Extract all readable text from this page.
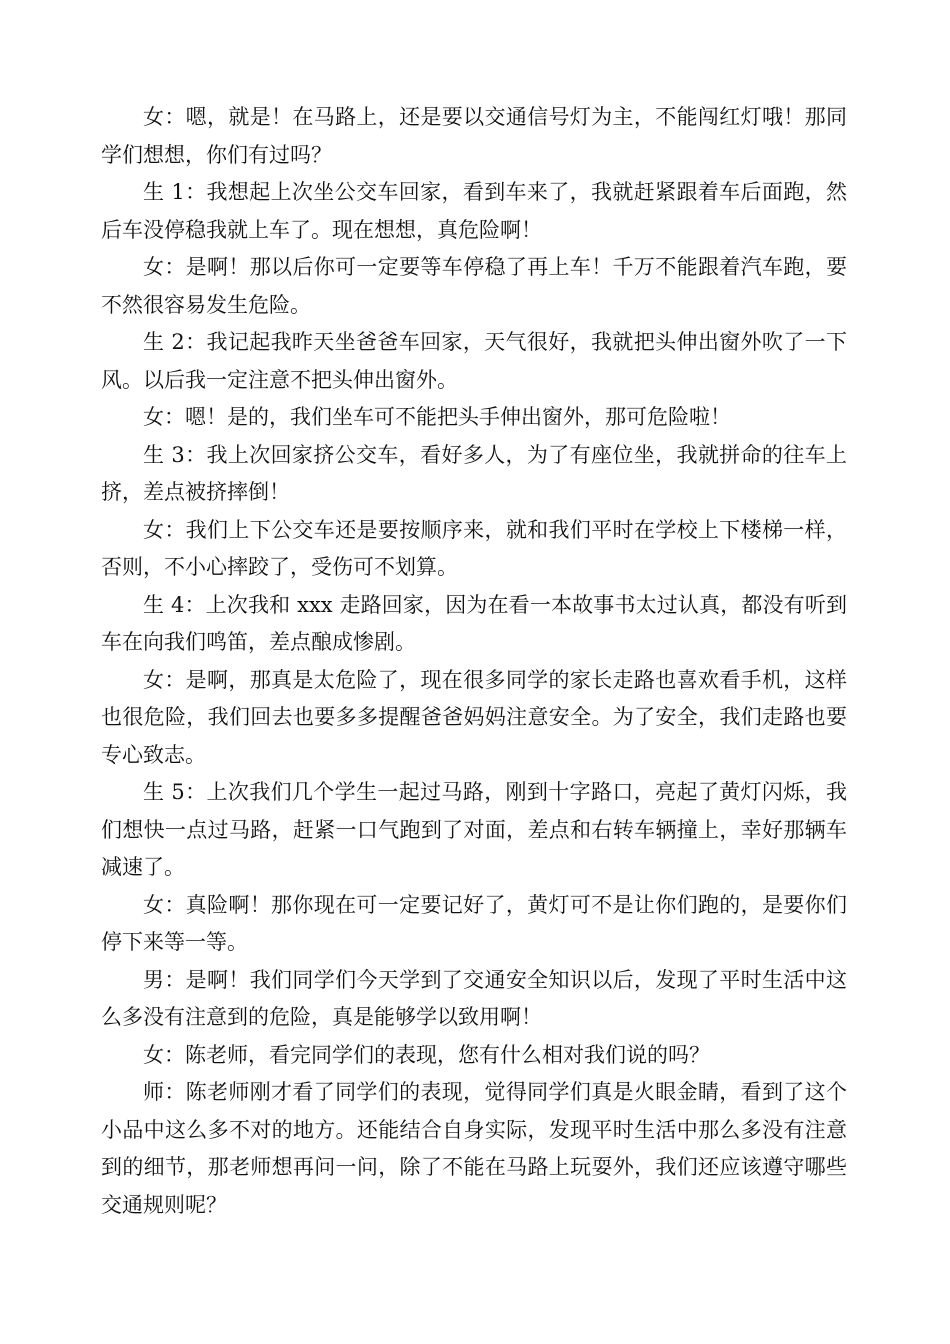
女：嗯，就是！在马路上，还是要以交通信号灯为主，不能闯红灯哦！那同学们想想，你们有过吗？

生 1：我想起上次坐公交车回家，看到车来了，我就赶紧跟着车后面跑，然后车没停稳我就上车了。现在想想，真危险啊！

女：是啊！那以后你可一定要等车停稳了再上车！千万不能跟着汽车跑，要不然很容易发生危险。

生 2：我记起我昨天坐爸爸车回家，天气很好，我就把头伸出窗外吹了一下风。以后我一定注意不把头伸出窗外。

女：嗯！是的，我们坐车可不能把头手伸出窗外，那可危险啦！

生 3：我上次回家挤公交车，看好多人，为了有座位坐，我就拼命的往车上挤，差点被挤摔倒！

女：我们上下公交车还是要按顺序来，就和我们平时在学校上下楼梯一样，否则，不小心摔跤了，受伤可不划算。

生 4：上次我和 xxx 走路回家，因为在看一本故事书太过认真，都没有听到车在向我们鸣笛，差点酿成惨剧。

女：是啊，那真是太危险了，现在很多同学的家长走路也喜欢看手机，这样也很危险，我们回去也要多多提醒爸爸妈妈注意安全。为了安全，我们走路也要专心致志。

生 5：上次我们几个学生一起过马路，刚到十字路口，亮起了黄灯闪烁，我们想快一点过马路，赶紧一口气跑到了对面，差点和右转车辆撞上，幸好那辆车减速了。

女：真险啊！那你现在可一定要记好了，黄灯可不是让你们跑的，是要你们停下来等一等。

男：是啊！我们同学们今天学到了交通安全知识以后，发现了平时生活中这么多没有注意到的危险，真是能够学以致用啊！

女：陈老师，看完同学们的表现，您有什么相对我们说的吗？

师：陈老师刚才看了同学们的表现，觉得同学们真是火眼金睛，看到了这个小品中这么多不对的地方。还能结合自身实际，发现平时生活中那么多没有注意到的细节，那老师想再问一问，除了不能在马路上玩耍外，我们还应该遵守哪些交通规则呢？
